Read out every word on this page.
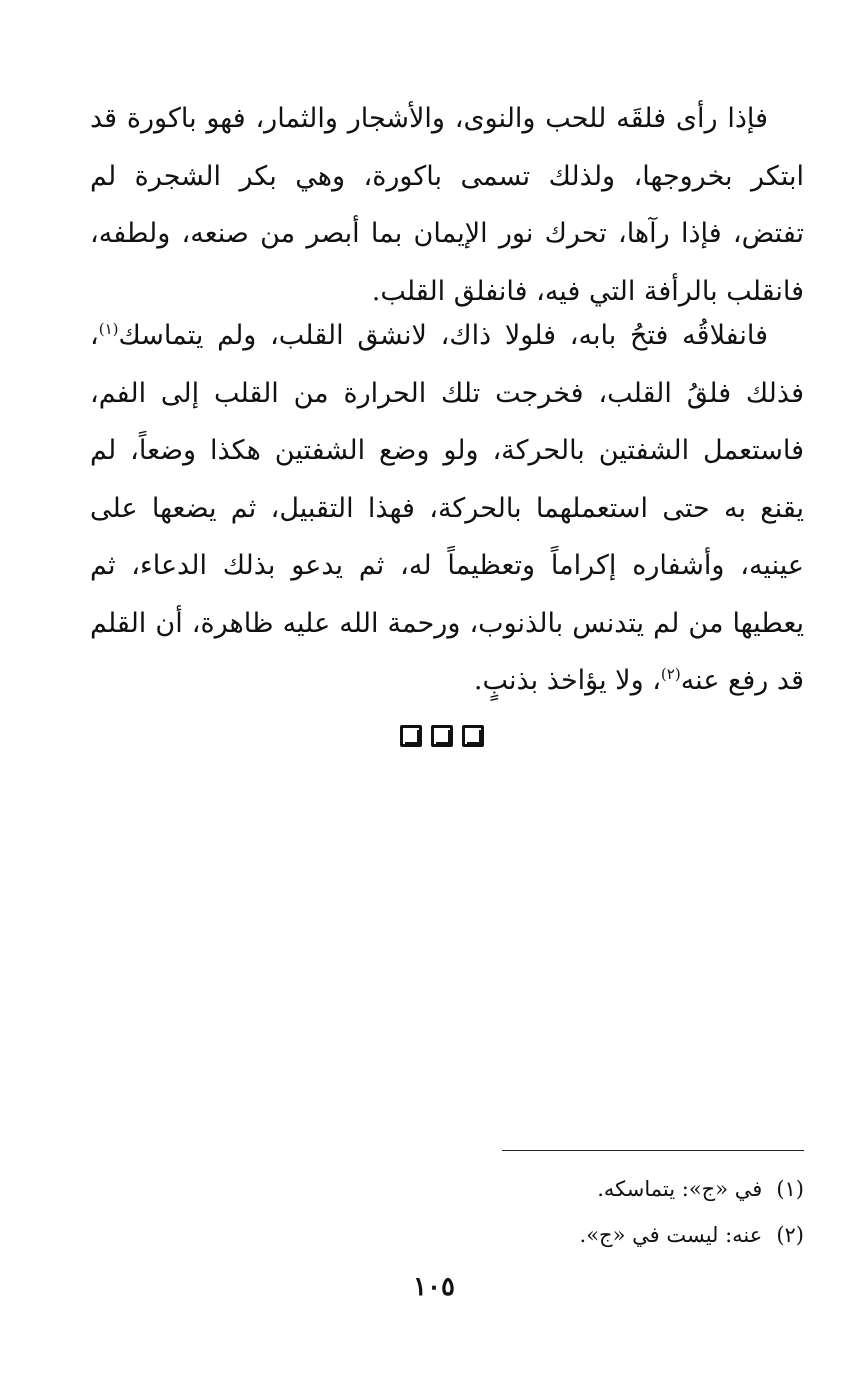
فإذا رأى فلقَه للحب والنوى، والأشجار والثمار، فهو باكورة قد ابتكر بخروجها، ولذلك تسمى باكورة، وهي بكر الشجرة لم تفتض، فإذا رآها، تحرك نور الإيمان بما أبصر من صنعه، ولطفه، فانقلب بالرأفة التي فيه، فانفلق القلب.

فانفلاقُه فتحُ بابه، فلولا ذاك، لانشق القلب، ولم يتماسك$^{(١)}$، فذلك فلقُ القلب، فخرجت تلك الحرارة من القلب إلى الفم، فاستعمل الشفتين بالحركة، ولو وضع الشفتين هكذا وضعاً، لم يقنع به حتى استعملهما بالحركة، فهذا التقبيل، ثم يضعها على عينيه، وأشفاره إكراماً وتعظيماً له، ثم يدعو بذلك الدعاء، ثم يعطيها من لم يتدنس بالذنوب، ورحمة الله عليه ظاهرة، أن القلم قد رفع عنه$^{(٢)}$، ولا يؤاخذ بذنبٍ.

(١)في «ج»: يتماسكه.
(٢)عنه: ليست في «ج».
١٠٥
